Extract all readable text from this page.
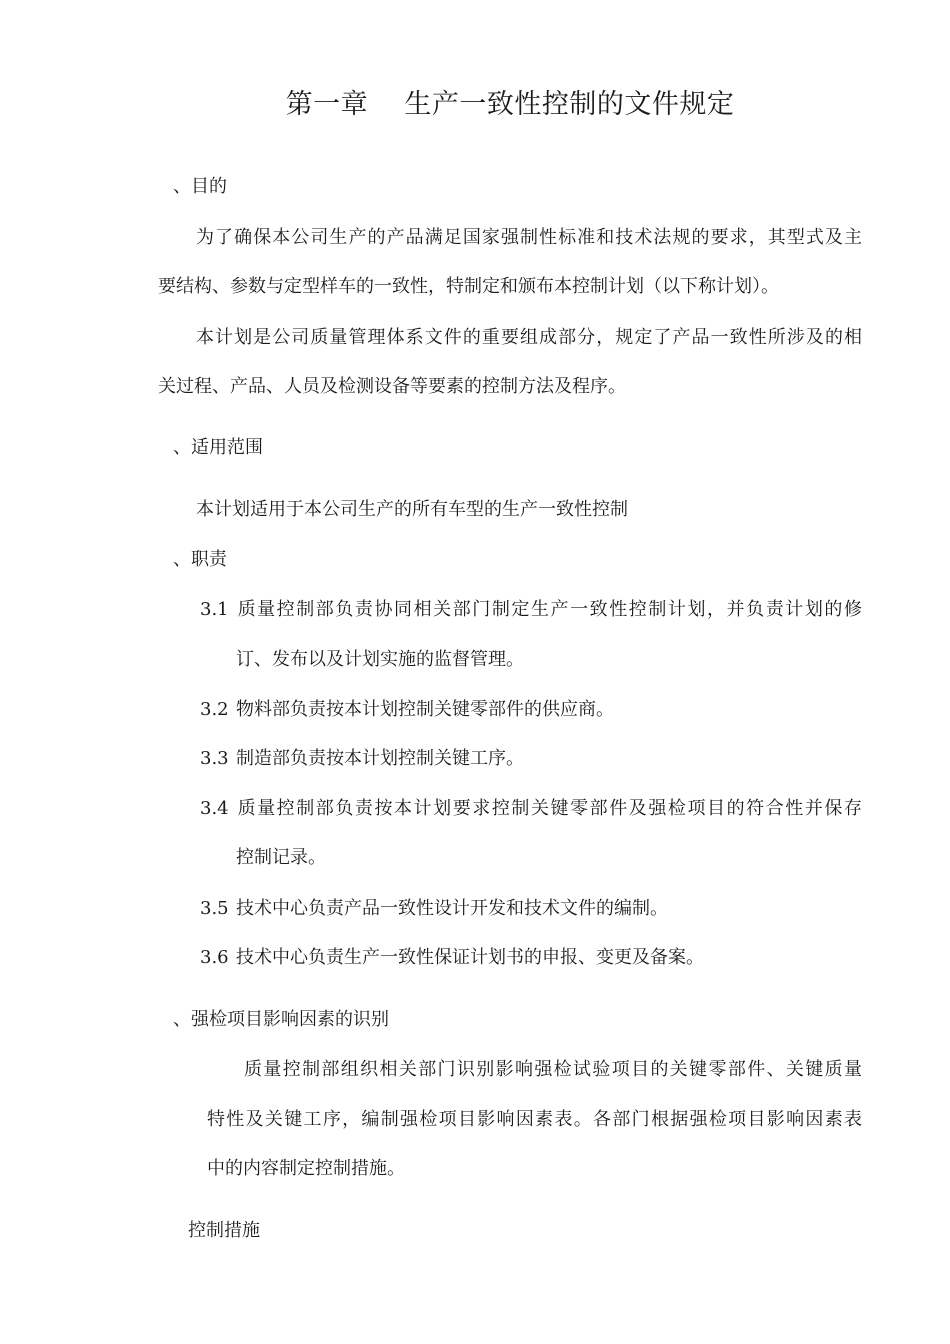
第一章    生产一致性控制的文件规定
、目的
为了确保本公司生产的产品满足国家强制性标准和技术法规的要求，其型式及主
要结构、参数与定型样车的一致性，特制定和颁布本控制计划（以下称计划）。
本计划是公司质量管理体系文件的重要组成部分，规定了产品一致性所涉及的相
关过程、产品、人员及检测设备等要素的控制方法及程序。
、适用范围
本计划适用于本公司生产的所有车型的生产一致性控制
、职责
3.1 质量控制部负责协同相关部门制定生产一致性控制计划，并负责计划的修
订、发布以及计划实施的监督管理。
3.2 物料部负责按本计划控制关键零部件的供应商。
3.3 制造部负责按本计划控制关键工序。
3.4 质量控制部负责按本计划要求控制关键零部件及强检项目的符合性并保存
控制记录。
3.5 技术中心负责产品一致性设计开发和技术文件的编制。
3.6 技术中心负责生产一致性保证计划书的申报、变更及备案。
、强检项目影响因素的识别
质量控制部组织相关部门识别影响强检试验项目的关键零部件、关键质量
特性及关键工序，编制强检项目影响因素表。各部门根据强检项目影响因素表
中的内容制定控制措施。
控制措施
